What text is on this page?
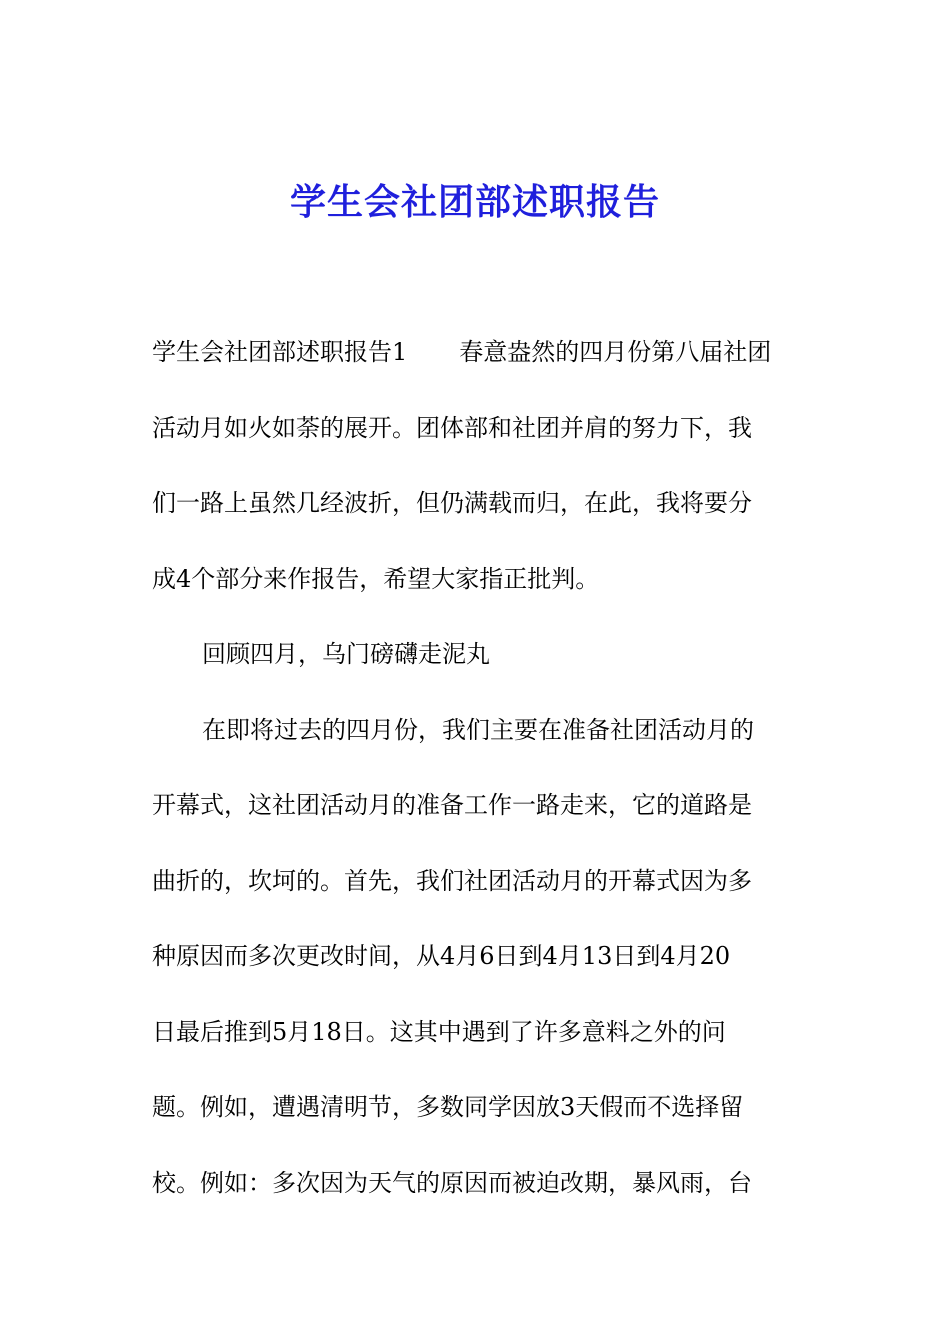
学生会社团部述职报告
学生会社团部述职报告1 春意盎然的四月份第八届社团
活动月如火如荼的展开。团体部和社团并肩的努力下，我
们一路上虽然几经波折，但仍满载而归，在此，我将要分
成4个部分来作报告，希望大家指正批判。
回顾四月，乌门磅礴走泥丸
在即将过去的四月份，我们主要在准备社团活动月的
开幕式，这社团活动月的准备工作一路走来，它的道路是
曲折的，坎坷的。首先，我们社团活动月的开幕式因为多
种原因而多次更改时间，从4月6日到4月13日到4月20
日最后推到5月18日。这其中遇到了许多意料之外的问
题。例如，遭遇清明节，多数同学因放3天假而不选择留
校。例如：多次因为天气的原因而被迫改期，暴风雨，台
